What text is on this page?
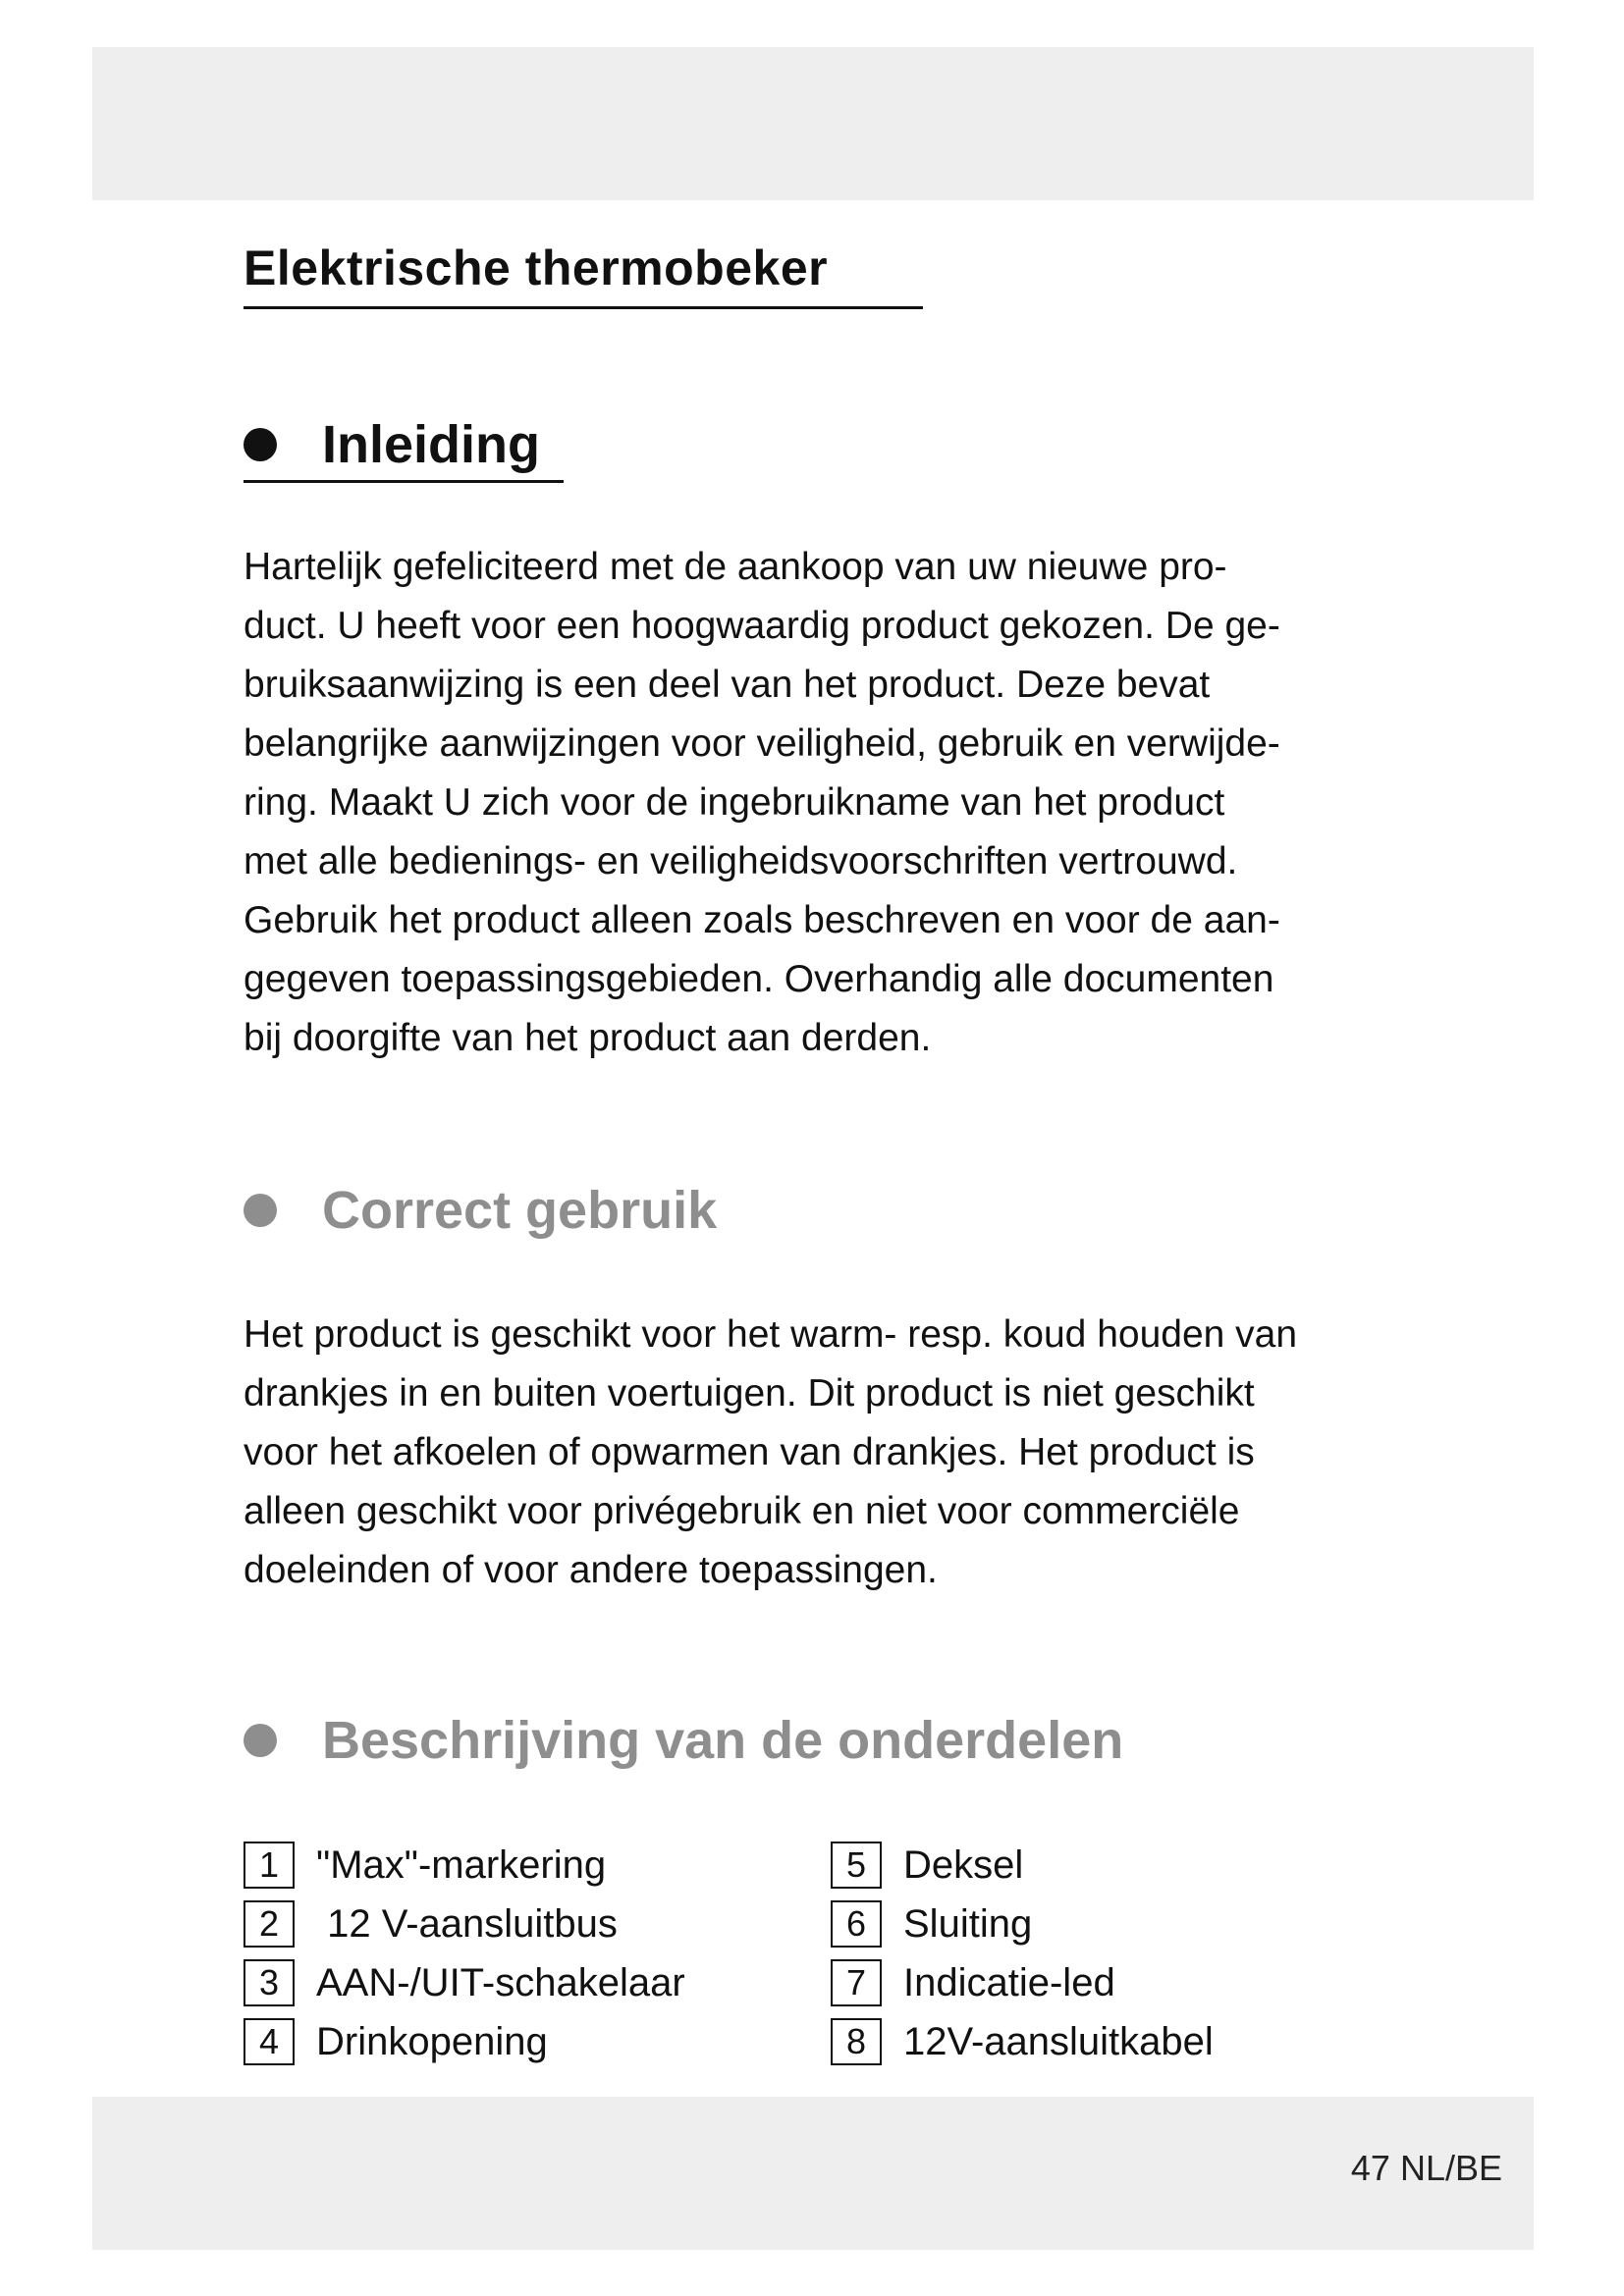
Elektrische thermobeker
Inleiding
Hartelijk gefeliciteerd met de aankoop van uw nieuwe pro-
duct. U heeft voor een hoogwaardig product gekozen. De ge-
bruiksaanwijzing is een deel van het product. Deze bevat
belangrijke aanwijzingen voor veiligheid, gebruik en verwijde-
ring. Maakt U zich voor de ingebruikname van het product
met alle bedienings- en veiligheidsvoorschriften vertrouwd.
Gebruik het product alleen zoals beschreven en voor de aan-
gegeven toepassingsgebieden. Overhandig alle documenten
bij doorgifte van het product aan derden.
Correct gebruik
Het product is geschikt voor het warm- resp. koud houden van
drankjes in en buiten voertuigen. Dit product is niet geschikt
voor het afkoelen of opwarmen van drankjes. Het product is
alleen geschikt voor privégebruik en niet voor commerciële
doeleinden of voor andere toepassingen.
Beschrijving van de onderdelen
1 "Max"-markering
2 12 V-aansluitbus
3 AAN-/UIT-schakelaar
4 Drinkopening
5 Deksel
6 Sluiting
7 Indicatie-led
8 12V-aansluitkabel
47 NL/BE
